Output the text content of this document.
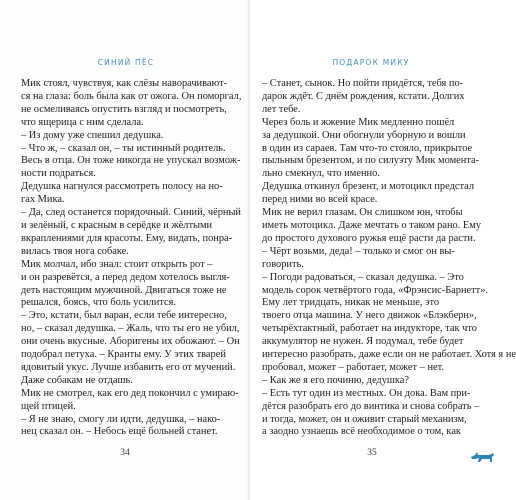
СИНИЙ ПЁС
Мик стоял, чувствуя, как слёзы наворачивают-
ся на глаза: боль была как от ожога. Он поморгал,
не осмеливаясь опустить взгляд и посмотреть,
что ящерица с ним сделала.
– Из дому уже спешил дедушка.
– Что ж, – сказал он, – ты истинный родитель.
Весь в отца. Он тоже никогда не упускал возмож-
ности подраться.
Дедушка нагнулся рассмотреть полосу на но-
гах Мика.
– Да, след останется порядочный. Синий, чёрный
и зелёный, с красным в серёдке и жёлтыми
вкраплениями для красоты. Ему, видать, понра-
вилась твоя нога собаке.
Мик молчал, ибо знал: стоит открыть рот –
и он разревётся, а перед дедом хотелось выгля-
деть настоящим мужчиной. Двигаться тоже не
решался, боясь, что боль усилится.
– Это, кстати, был варан, если тебе интересно,
но, – сказал дедушка. – Жаль, что ты его не убил,
они очень вкусные. Аборигены их обожают. – Он
подобрал петуха. – Кранты ему. У этих тварей
ядовитый укус. Лучше избавить его от мучений.
Даже собакам не отдашь.
Мик не смотрел, как его дед покончил с умираю-
щей птицей.
– Я не знаю, смогу ли идти, дедушка, – нако-
нец сказал он. – Небось ещё больней станет.
34
ПОДАРОК МИКУ
– Станет, сынок. Но пойти придётся, тебя по-
дарок ждёт. С днём рождения, кстати. Долгих
лет тебе.
Через боль и жжение Мик медленно пошёл
за дедушкой. Они обогнули уборную и вошли
в один из сараев. Там что-то стояло, прикрытое
пыльным брезентом, и по силуэту Мик момента-
льно смекнул, что именно.
Дедушка откинул брезент, и мотоцикл предстал
перед ними во всей красе.
Мик не верил глазам. Он слишком юн, чтобы
иметь мотоцикл. Даже мечтать о таком рано. Ему
до простого духового ружья ещё расти да расти.
– Чёрт возьми, деда! – только и смог он вы-
говорить.
– Погоди радоваться, – сказал дедушка. – Это
модель сорок четвёртого года, «Фрэнсис-Барнетт».
Ему лет тридцать, никак не меньше, это
твоего отца машина. У него движок «Блэкберн»,
четырёхтактный, работает на индукторе, так что
аккумулятор не нужен. Я подумал, тебе будет
интересно разобрать, даже если он не работает. Хотя я не
пробовал, может – работает, может – нет.
– Как же я его починю, дедушка?
– Есть тут один из местных. Он дока. Вам при-
дётся разобрать его до винтика и снова собрать –
и тогда, может, он и оживит старый механизм,
а заодно узнаешь всё необходимое о том, как
35
